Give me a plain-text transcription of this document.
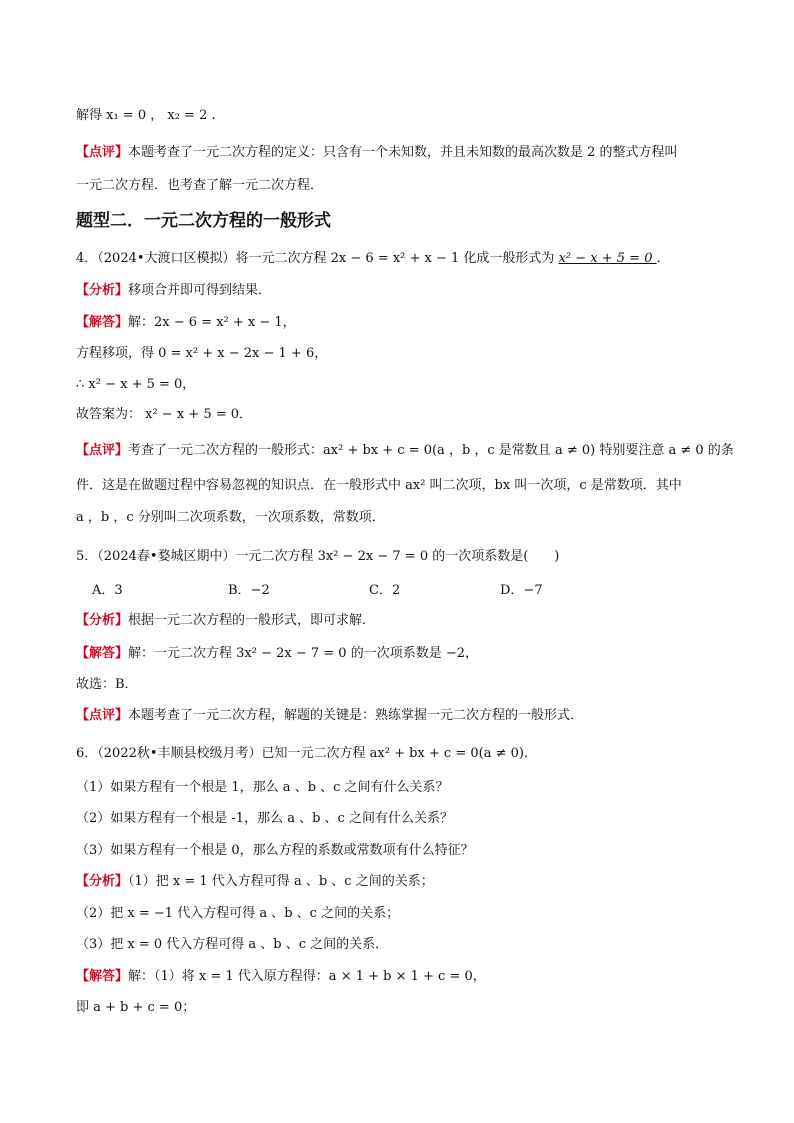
解得 x₁ = 0 ， x₂ = 2 .
【点评】本题考查了一元二次方程的定义：只含有一个未知数，并且未知数的最高次数是 2 的整式方程叫
一元二次方程．也考查了解一元二次方程．
题型二．一元二次方程的一般形式
4．（2024•大渡口区模拟）将一元二次方程 2x − 6 = x² + x − 1 化成一般形式为 x² − x + 5 = 0 ．
【分析】移项合并即可得到结果．
【解答】解：2x − 6 = x² + x − 1，
方程移项，得 0 = x² + x − 2x − 1 + 6，
∴ x² − x + 5 = 0，
故答案为： x² − x + 5 = 0．
【点评】考查了一元二次方程的一般形式：ax² + bx + c = 0(a ，b ，c 是常数且 a ≠ 0) 特别要注意 a ≠ 0 的条
件．这是在做题过程中容易忽视的知识点．在一般形式中 ax² 叫二次项，bx 叫一次项，c 是常数项．其中
a ，b ，c 分别叫二次项系数，一次项系数，常数项．
5．（2024春•婺城区期中）一元二次方程 3x² − 2x − 7 = 0 的一次项系数是(　　)
A．3	B．−2	C．2	D．−7
【分析】根据一元二次方程的一般形式，即可求解．
【解答】解：一元二次方程 3x² − 2x − 7 = 0 的一次项系数是 −2，
故选：B．
【点评】本题考查了一元二次方程，解题的关键是：熟练掌握一元二次方程的一般形式．
6．（2022秋•丰顺县校级月考）已知一元二次方程 ax² + bx + c = 0(a ≠ 0)．
（1）如果方程有一个根是 1，那么 a 、b 、c 之间有什么关系？
（2）如果方程有一个根是 -1，那么 a 、b 、c 之间有什么关系？
（3）如果方程有一个根是 0，那么方程的系数或常数项有什么特征？
【分析】（1）把 x = 1 代入方程可得 a 、b 、c 之间的关系；
（2）把 x = −1 代入方程可得 a 、b 、c 之间的关系；
（3）把 x = 0 代入方程可得 a 、b 、c 之间的关系．
【解答】解：（1）将 x = 1 代入原方程得：a × 1 + b × 1 + c = 0，
即 a + b + c = 0；
